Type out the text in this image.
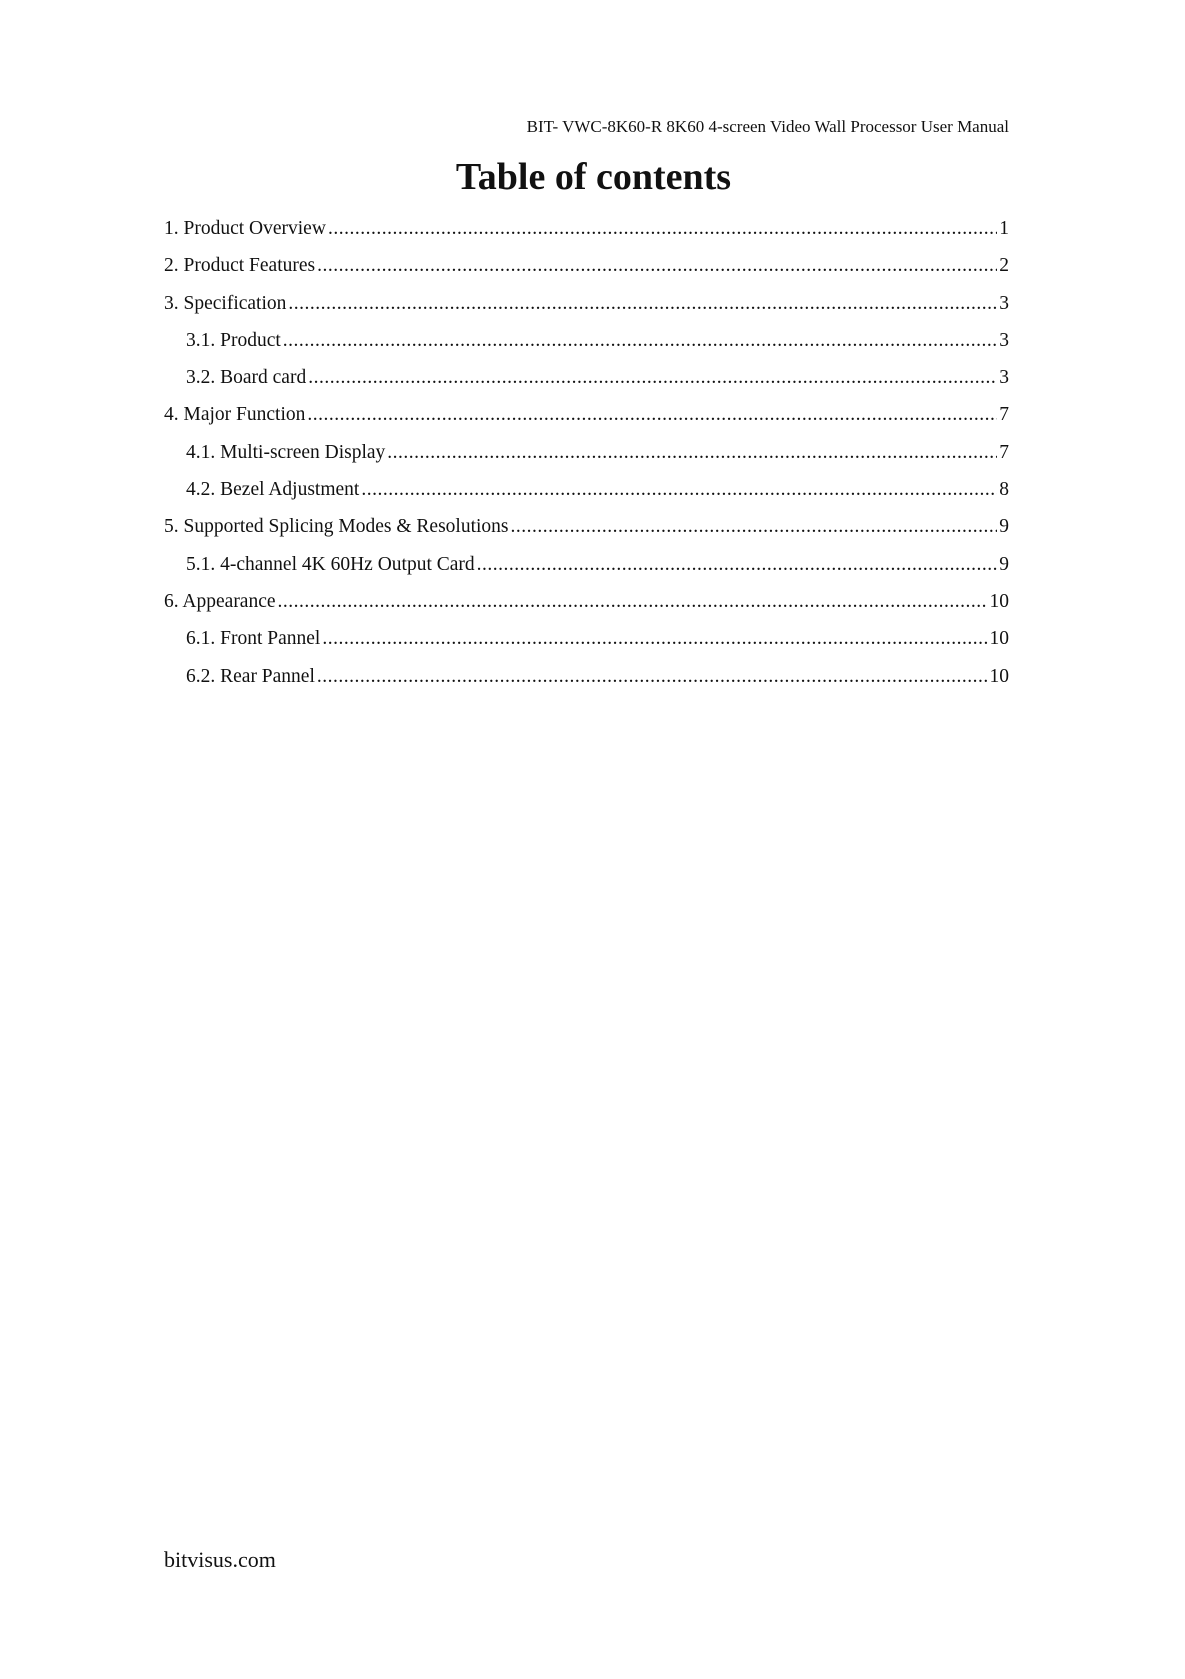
BIT- VWC-8K60-R 8K60 4-screen Video Wall Processor User Manual
Table of contents
1. Product Overview .....	1
2. Product Features .....	2
3. Specification .....	3
3.1. Product .....	3
3.2. Board card .....	3
4. Major Function .....	7
4.1. Multi-screen Display .....	7
4.2. Bezel Adjustment .....	8
5. Supported Splicing Modes & Resolutions .....	9
5.1. 4-channel 4K 60Hz Output Card .....	9
6. Appearance .....	10
6.1. Front Pannel .....	10
6.2. Rear Pannel .....	10
bitvisus.com
